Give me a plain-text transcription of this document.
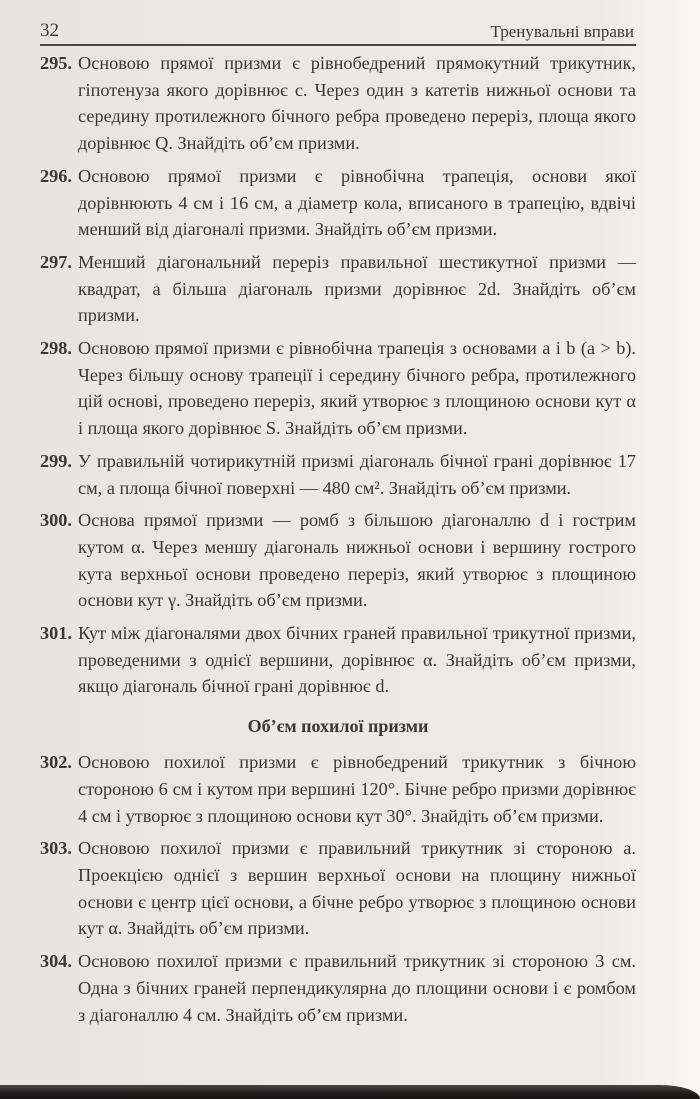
32	Тренувальні вправи
295. Основою прямої призми є рівнобедрений прямокутний трикутник, гіпотенуза якого дорівнює c. Через один з катетів нижньої основи та середину протилежного бічного ребра проведено переріз, площа якого дорівнює Q. Знайдіть об’єм призми.
296. Основою прямої призми є рівнобічна трапеція, основи якої дорівнюють 4 см і 16 см, а діаметр кола, вписаного в трапецію, вдвічі менший від діагоналі призми. Знайдіть об’єм призми.
297. Менший діагональний переріз правильної шестикутної призми — квадрат, а більша діагональ призми дорівнює 2d. Знайдіть об’єм призми.
298. Основою прямої призми є рівнобічна трапеція з основами a і b (a > b). Через більшу основу трапеції і середину бічного ребра, протилежного цій основі, проведено переріз, який утворює з площиною основи кут α і площа якого дорівнює S. Знайдіть об’єм призми.
299. У правильній чотирикутній призмі діагональ бічної грані дорівнює 17 см, а площа бічної поверхні — 480 см². Знайдіть об’єм призми.
300. Основа прямої призми — ромб з більшою діагоналлю d і гострим кутом α. Через меншу діагональ нижньої основи і вершину гострого кута верхньої основи проведено переріз, який утворює з площиною основи кут γ. Знайдіть об’єм призми.
301. Кут між діагоналями двох бічних граней правильної трикутної призми, проведеними з однієї вершини, дорівнює α. Знайдіть об’єм призми, якщо діагональ бічної грані дорівнює d.
Об’єм похилої призми
302. Основою похилої призми є рівнобедрений трикутник з бічною стороною 6 см і кутом при вершині 120°. Бічне ребро призми дорівнює 4 см і утворює з площиною основи кут 30°. Знайдіть об’єм призми.
303. Основою похилої призми є правильний трикутник зі стороною a. Проекцією однієї з вершин верхньої основи на площину нижньої основи є центр цієї основи, а бічне ребро утворює з площиною основи кут α. Знайдіть об’єм призми.
304. Основою похилої призми є правильний трикутник зі стороною 3 см. Одна з бічних граней перпендикулярна до площини основи і є ромбом з діагоналлю 4 см. Знайдіть об’єм призми.
